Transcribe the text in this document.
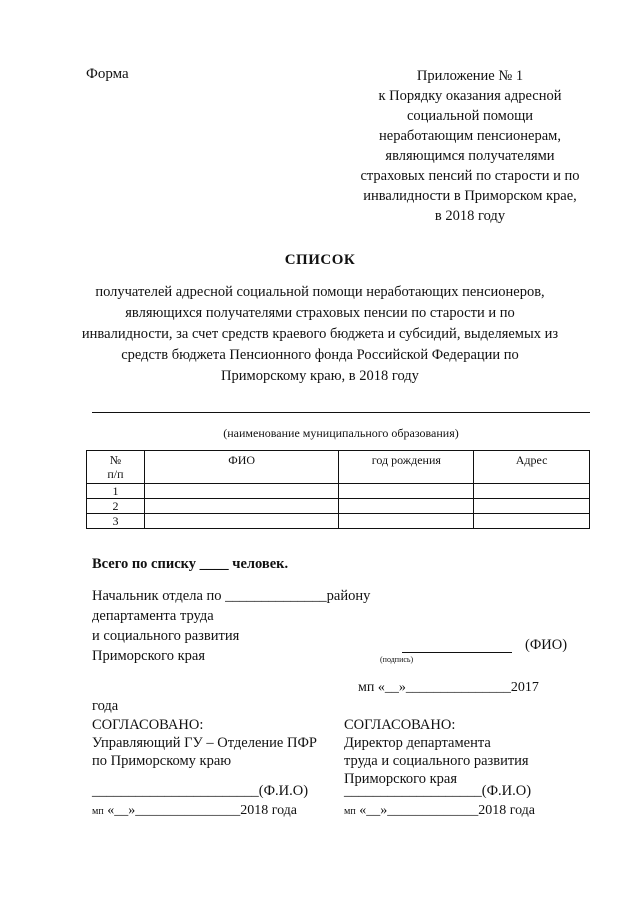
Форма	Приложение № 1
к Порядку оказания адресной
социальной помощи
неработающим пенсионерам,
являющимся получателями
страховых пенсий по старости и по
инвалидности в Приморском крае,
в 2018 году
СПИСОК
получателей адресной социальной помощи неработающих пенсионеров,
являющихся получателями страховых пенсии по старости и по
инвалидности, за счет средств краевого бюджета и субсидий, выделяемых из
средств бюджета Пенсионного фонда Российской Федерации по
Приморскому краю, в 2018 году
(наименование муниципального образования)
№
п/п	ФИО	год рождения	Адрес
1			
2			
3			
Всего по списку ____ человек.
Начальник отдела по ______________району
департамента труда
и социального развития
Приморского края
(ФИО)
(подпись)
мп «__»_______________2017
года
СОГЛАСОВАНО:
Управляющий ГУ – Отделение ПФР
по Приморскому краю
СОГЛАСОВАНО:
Директор департамента
труда и социального развития
Приморского края
_______________________(Ф.И.О) ___________________(Ф.И.О)
мп «__»_______________2018 года	мп «__»_____________2018 года
